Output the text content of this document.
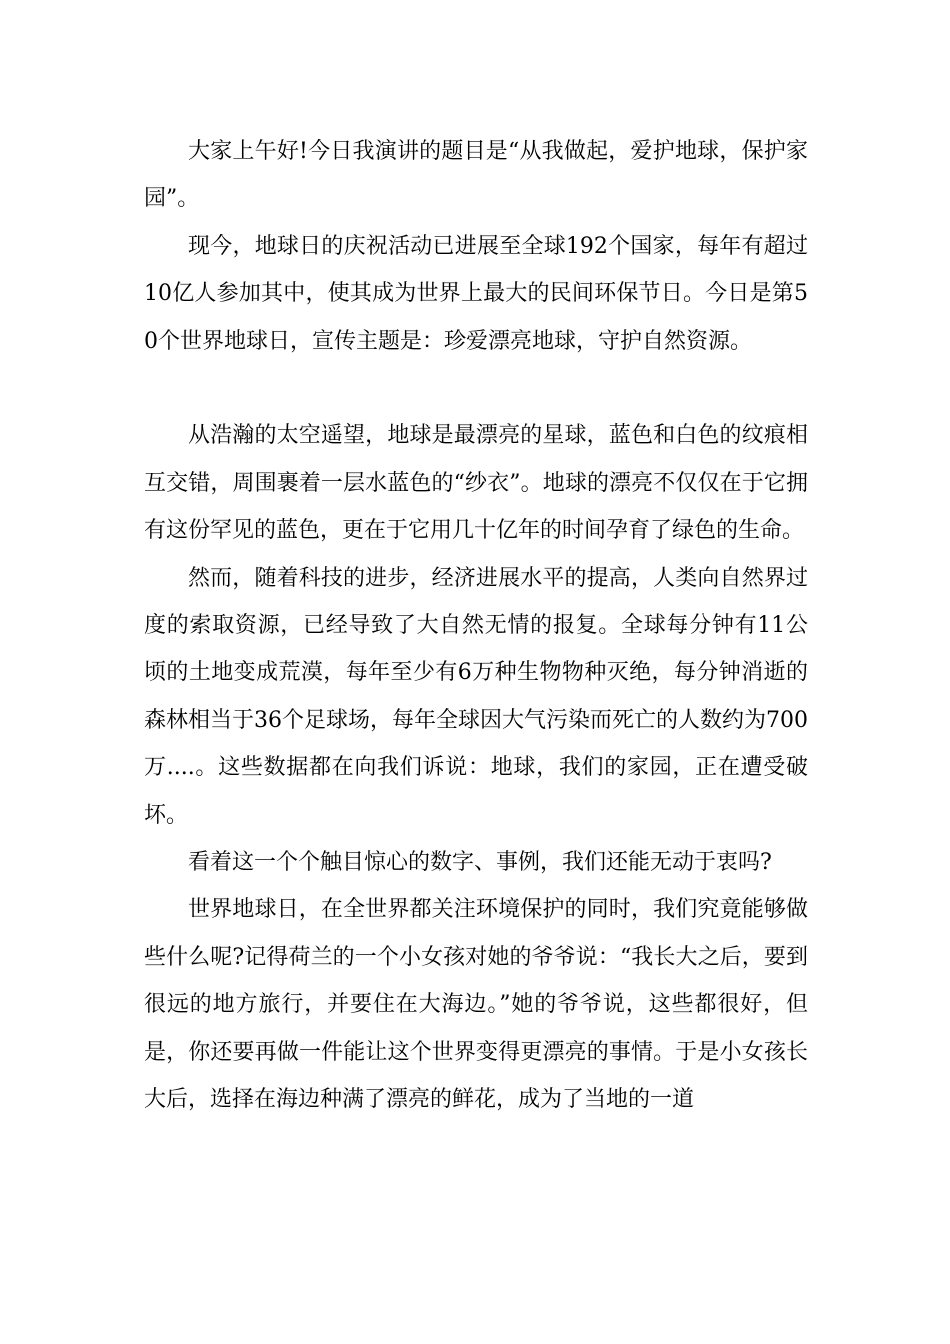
大家上午好!今日我演讲的题目是“从我做起，爱护地球，保护家园”。

现今，地球日的庆祝活动已进展至全球192个国家，每年有超过10亿人参加其中，使其成为世界上最大的民间环保节日。今日是第50个世界地球日，宣传主题是：珍爱漂亮地球，守护自然资源。

从浩瀚的太空遥望，地球是最漂亮的星球，蓝色和白色的纹痕相互交错，周围裹着一层水蓝色的“纱衣”。地球的漂亮不仅仅在于它拥有这份罕见的蓝色，更在于它用几十亿年的时间孕育了绿色的生命。

然而，随着科技的进步，经济进展水平的提高，人类向自然界过度的索取资源，已经导致了大自然无情的报复。全球每分钟有11公顷的土地变成荒漠，每年至少有6万种生物物种灭绝，每分钟消逝的森林相当于36个足球场，每年全球因大气污染而死亡的人数约为700万....。这些数据都在向我们诉说：地球，我们的家园，正在遭受破坏。

看着这一个个触目惊心的数字、事例，我们还能无动于衷吗?

世界地球日，在全世界都关注环境保护的同时，我们究竟能够做些什么呢?记得荷兰的一个小女孩对她的爷爷说：“我长大之后，要到很远的地方旅行，并要住在大海边。”她的爷爷说，这些都很好，但是，你还要再做一件能让这个世界变得更漂亮的事情。于是小女孩长大后，选择在海边种满了漂亮的鲜花，成为了当地的一道
